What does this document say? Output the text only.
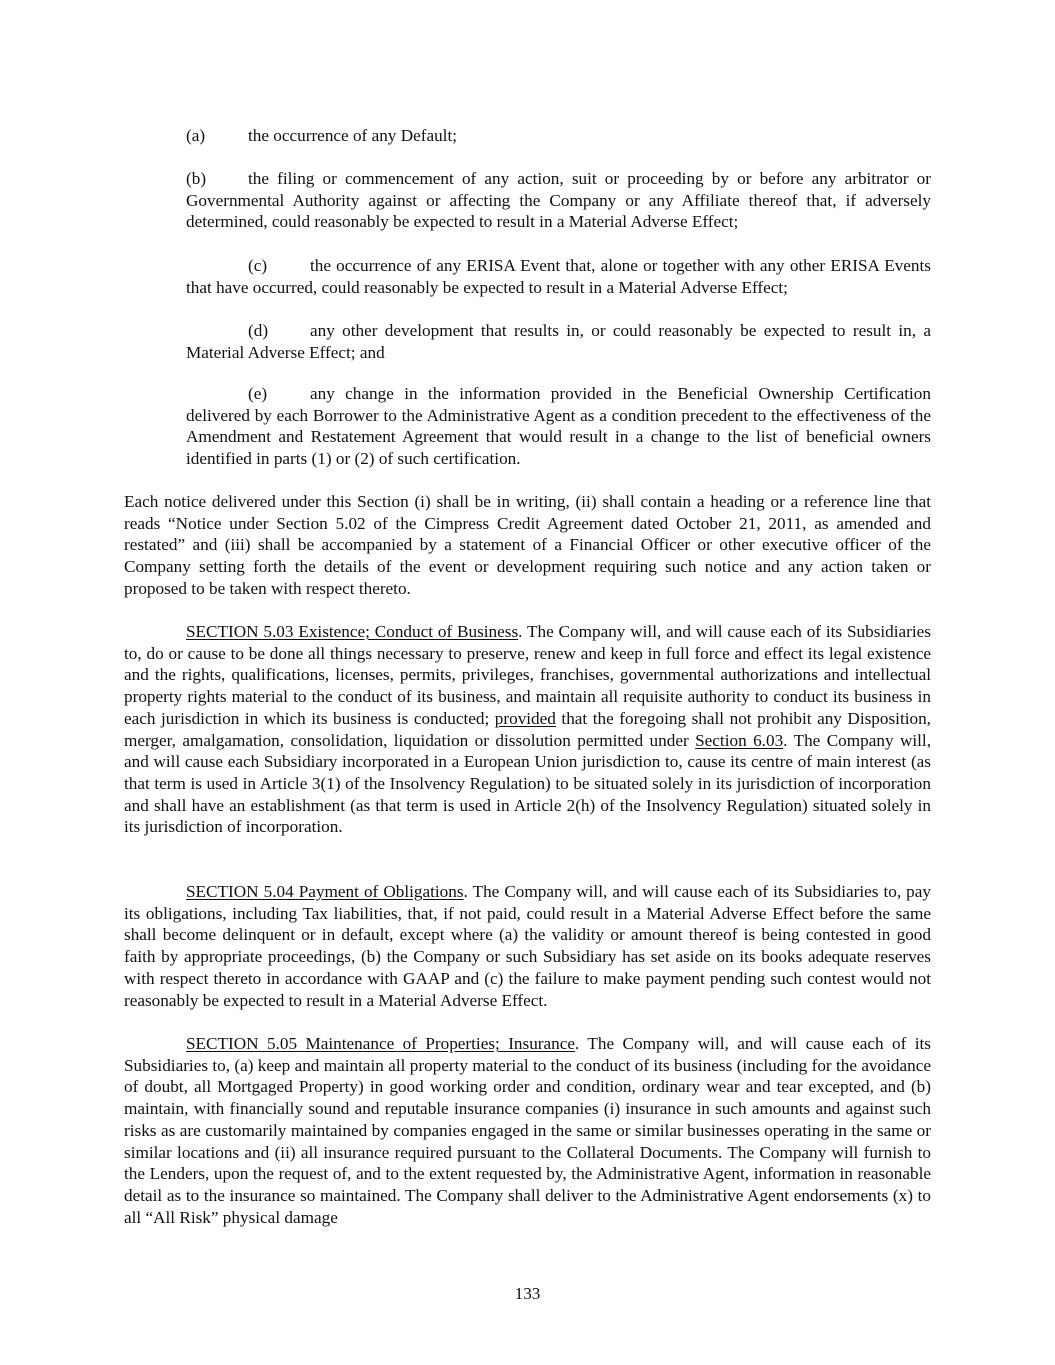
(a) the occurrence of any Default;

(b) the filing or commencement of any action, suit or proceeding by or before any arbitrator or Governmental Authority against or affecting the Company or any Affiliate thereof that, if adversely determined, could reasonably be expected to result in a Material Adverse Effect;

(c) the occurrence of any ERISA Event that, alone or together with any other ERISA Events that have occurred, could reasonably be expected to result in a Material Adverse Effect;

(d) any other development that results in, or could reasonably be expected to result in, a Material Adverse Effect; and

(e) any change in the information provided in the Beneficial Ownership Certification delivered by each Borrower to the Administrative Agent as a condition precedent to the effectiveness of the Amendment and Restatement Agreement that would result in a change to the list of beneficial owners identified in parts (1) or (2) of such certification.

Each notice delivered under this Section (i) shall be in writing, (ii) shall contain a heading or a reference line that reads “Notice under Section 5.02 of the Cimpress Credit Agreement dated October 21, 2011, as amended and restated” and (iii) shall be accompanied by a statement of a Financial Officer or other executive officer of the Company setting forth the details of the event or development requiring such notice and any action taken or proposed to be taken with respect thereto.

SECTION 5.03 Existence; Conduct of Business. The Company will, and will cause each of its Subsidiaries to, do or cause to be done all things necessary to preserve, renew and keep in full force and effect its legal existence and the rights, qualifications, licenses, permits, privileges, franchises, governmental authorizations and intellectual property rights material to the conduct of its business, and maintain all requisite authority to conduct its business in each jurisdiction in which its business is conducted; provided that the foregoing shall not prohibit any Disposition, merger, amalgamation, consolidation, liquidation or dissolution permitted under Section 6.03. The Company will, and will cause each Subsidiary incorporated in a European Union jurisdiction to, cause its centre of main interest (as that term is used in Article 3(1) of the Insolvency Regulation) to be situated solely in its jurisdiction of incorporation and shall have an establishment (as that term is used in Article 2(h) of the Insolvency Regulation) situated solely in its jurisdiction of incorporation.

SECTION 5.04 Payment of Obligations. The Company will, and will cause each of its Subsidiaries to, pay its obligations, including Tax liabilities, that, if not paid, could result in a Material Adverse Effect before the same shall become delinquent or in default, except where (a) the validity or amount thereof is being contested in good faith by appropriate proceedings, (b) the Company or such Subsidiary has set aside on its books adequate reserves with respect thereto in accordance with GAAP and (c) the failure to make payment pending such contest would not reasonably be expected to result in a Material Adverse Effect.

SECTION 5.05 Maintenance of Properties; Insurance. The Company will, and will cause each of its Subsidiaries to, (a) keep and maintain all property material to the conduct of its business (including for the avoidance of doubt, all Mortgaged Property) in good working order and condition, ordinary wear and tear excepted, and (b) maintain, with financially sound and reputable insurance companies (i) insurance in such amounts and against such risks as are customarily maintained by companies engaged in the same or similar businesses operating in the same or similar locations and (ii) all insurance required pursuant to the Collateral Documents. The Company will furnish to the Lenders, upon the request of, and to the extent requested by, the Administrative Agent, information in reasonable detail as to the insurance so maintained. The Company shall deliver to the Administrative Agent endorsements (x) to all “All Risk” physical damage

133
